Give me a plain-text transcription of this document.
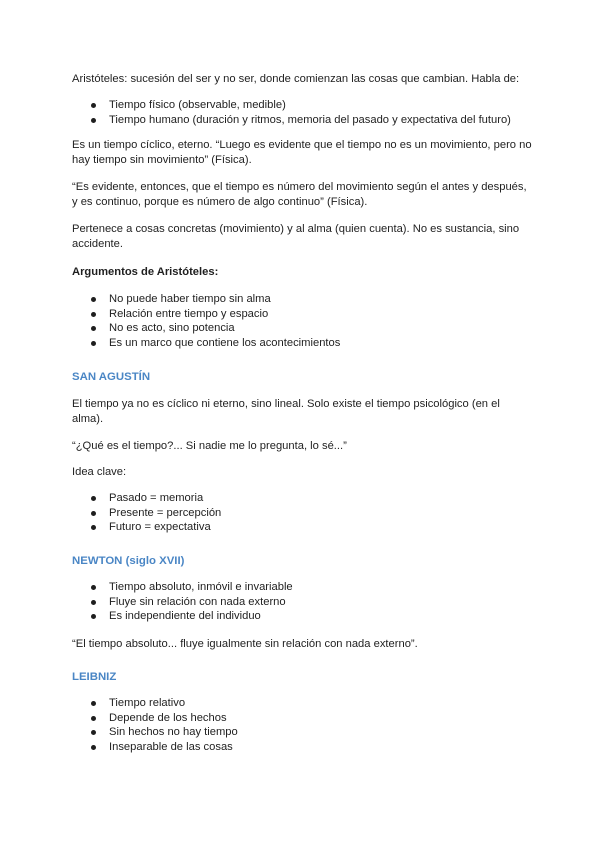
Aristóteles: sucesión del ser y no ser, donde comienzan las cosas que cambian. Habla de:

Tiempo físico (observable, medible)
Tiempo humano (duración y ritmos, memoria del pasado y expectativa del futuro)

Es un tiempo cíclico, eterno. “Luego es evidente que el tiempo no es un movimiento, pero no hay tiempo sin movimiento” (Física).

“Es evidente, entonces, que el tiempo es número del movimiento según el antes y después, y es continuo, porque es número de algo continuo” (Física).

Pertenece a cosas concretas (movimiento) y al alma (quien cuenta). No es sustancia, sino accidente.

Argumentos de Aristóteles:

No puede haber tiempo sin alma
Relación entre tiempo y espacio
No es acto, sino potencia
Es un marco que contiene los acontecimientos

SAN AGUSTÍN

El tiempo ya no es cíclico ni eterno, sino lineal. Solo existe el tiempo psicológico (en el alma).

“¿Qué es el tiempo?... Si nadie me lo pregunta, lo sé...”

Idea clave:

Pasado = memoria
Presente = percepción
Futuro = expectativa

NEWTON (siglo XVII)

Tiempo absoluto, inmóvil e invariable
Fluye sin relación con nada externo
Es independiente del individuo

“El tiempo absoluto... fluye igualmente sin relación con nada externo”.

LEIBNIZ

Tiempo relativo
Depende de los hechos
Sin hechos no hay tiempo
Inseparable de las cosas
